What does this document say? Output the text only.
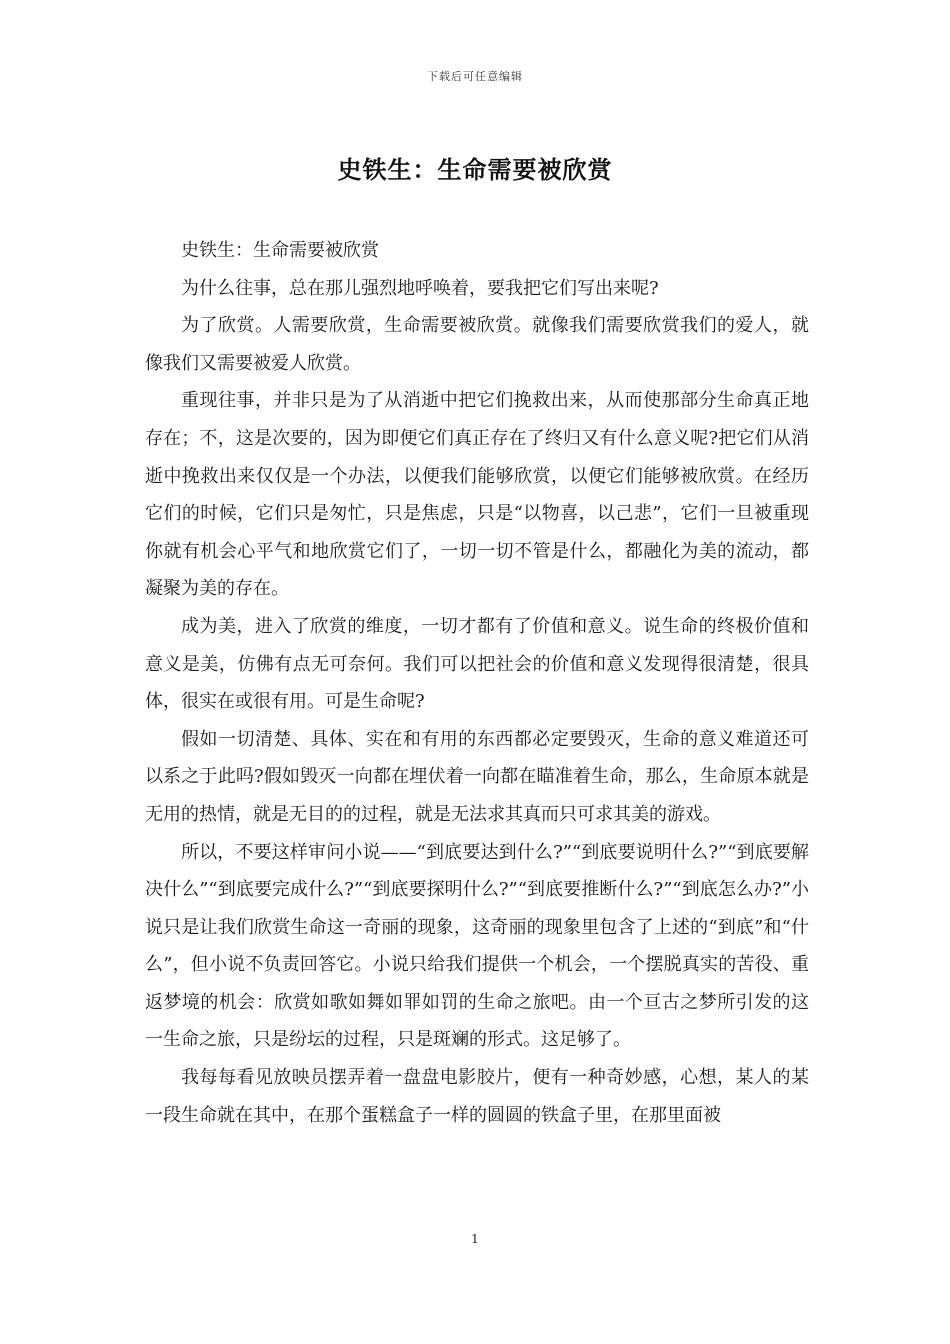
下载后可任意编辑
史铁生：生命需要被欣赏

史铁生：生命需要被欣赏

为什么往事，总在那儿强烈地呼唤着，要我把它们写出来呢?

为了欣赏。人需要欣赏，生命需要被欣赏。就像我们需要欣赏我们的爱人，就像我们又需要被爱人欣赏。

重现往事，并非只是为了从消逝中把它们挽救出来，从而使那部分生命真正地存在；不，这是次要的，因为即便它们真正存在了终归又有什么意义呢?把它们从消逝中挽救出来仅仅是一个办法，以便我们能够欣赏，以便它们能够被欣赏。在经历它们的时候，它们只是匆忙，只是焦虑，只是“以物喜，以己悲”，它们一旦被重现你就有机会心平气和地欣赏它们了，一切一切不管是什么，都融化为美的流动，都凝聚为美的存在。

成为美，进入了欣赏的维度，一切才都有了价值和意义。说生命的终极价值和意义是美，仿佛有点无可奈何。我们可以把社会的价值和意义发现得很清楚，很具体，很实在或很有用。可是生命呢?

假如一切清楚、具体、实在和有用的东西都必定要毁灭，生命的意义难道还可以系之于此吗?假如毁灭一向都在埋伏着一向都在瞄准着生命，那么，生命原本就是无用的热情，就是无目的的过程，就是无法求其真而只可求其美的游戏。

所以，不要这样审问小说——“到底要达到什么?”“到底要说明什么?”“到底要解决什么”“到底要完成什么?”“到底要探明什么?”“到底要推断什么?”“到底怎么办?”小说只是让我们欣赏生命这一奇丽的现象，这奇丽的现象里包含了上述的“到底”和“什么”，但小说不负责回答它。小说只给我们提供一个机会，一个摆脱真实的苦役、重返梦境的机会：欣赏如歌如舞如罪如罚的生命之旅吧。由一个亘古之梦所引发的这一生命之旅，只是纷坛的过程，只是斑斓的形式。这足够了。

我每每看见放映员摆弄着一盘盘电影胶片，便有一种奇妙感，心想，某人的某一段生命就在其中，在那个蛋糕盒子一样的圆圆的铁盒子里，在那里面被

1
